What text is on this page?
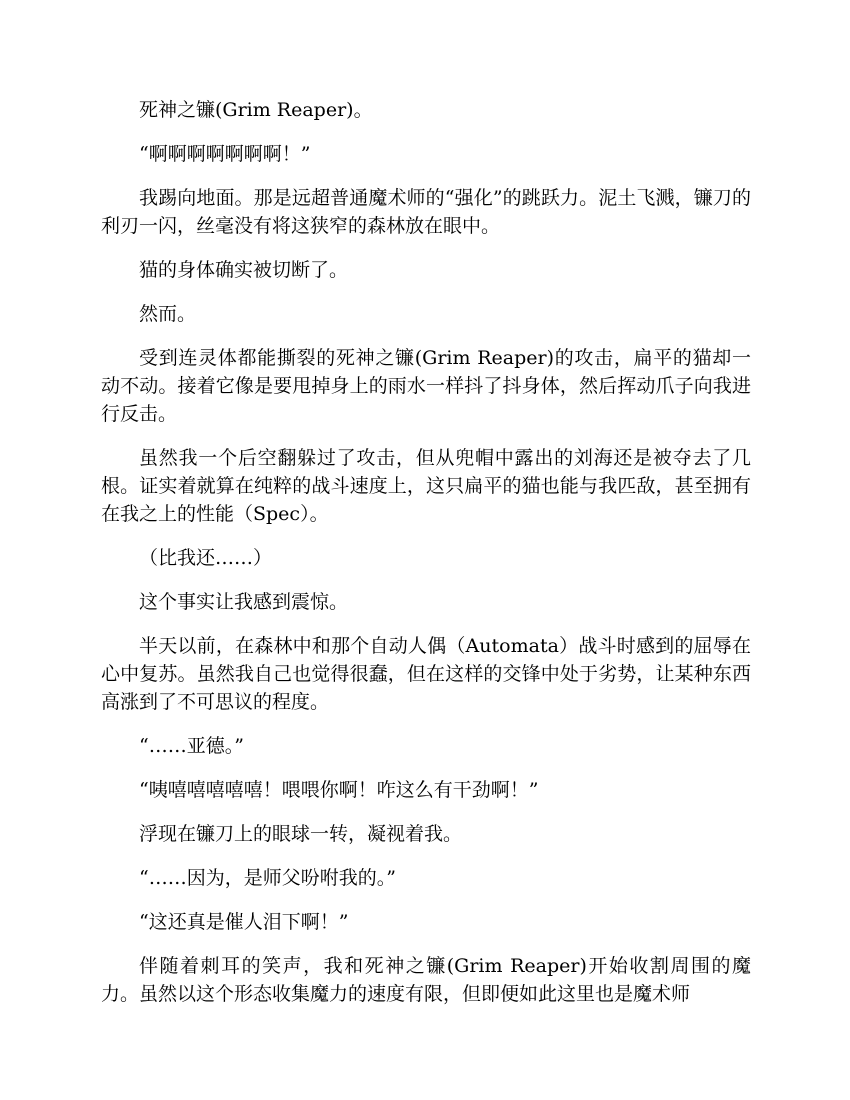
死神之镰(Grim Reaper)。

“啊啊啊啊啊啊啊！”

我踢向地面。那是远超普通魔术师的“强化”的跳跃力。泥土飞溅，镰刀的利刃一闪，丝毫没有将这狭窄的森林放在眼中。

猫的身体确实被切断了。

然而。

受到连灵体都能撕裂的死神之镰(Grim Reaper)的攻击，扁平的猫却一动不动。接着它像是要甩掉身上的雨水一样抖了抖身体，然后挥动爪子向我进行反击。

虽然我一个后空翻躲过了攻击，但从兜帽中露出的刘海还是被夺去了几根。证实着就算在纯粹的战斗速度上，这只扁平的猫也能与我匹敌，甚至拥有在我之上的性能（Spec）。

（比我还……）

这个事实让我感到震惊。

半天以前，在森林中和那个自动人偶（Automata）战斗时感到的屈辱在心中复苏。虽然我自己也觉得很蠢，但在这样的交锋中处于劣势，让某种东西高涨到了不可思议的程度。

“……亚德。”

“咦嘻嘻嘻嘻嘻！喂喂你啊！咋这么有干劲啊！”

浮现在镰刀上的眼球一转，凝视着我。

“……因为，是师父吩咐我的。”

“这还真是催人泪下啊！”

伴随着刺耳的笑声，我和死神之镰(Grim Reaper)开始收割周围的魔力。虽然以这个形态收集魔力的速度有限，但即便如此这里也是魔术师
